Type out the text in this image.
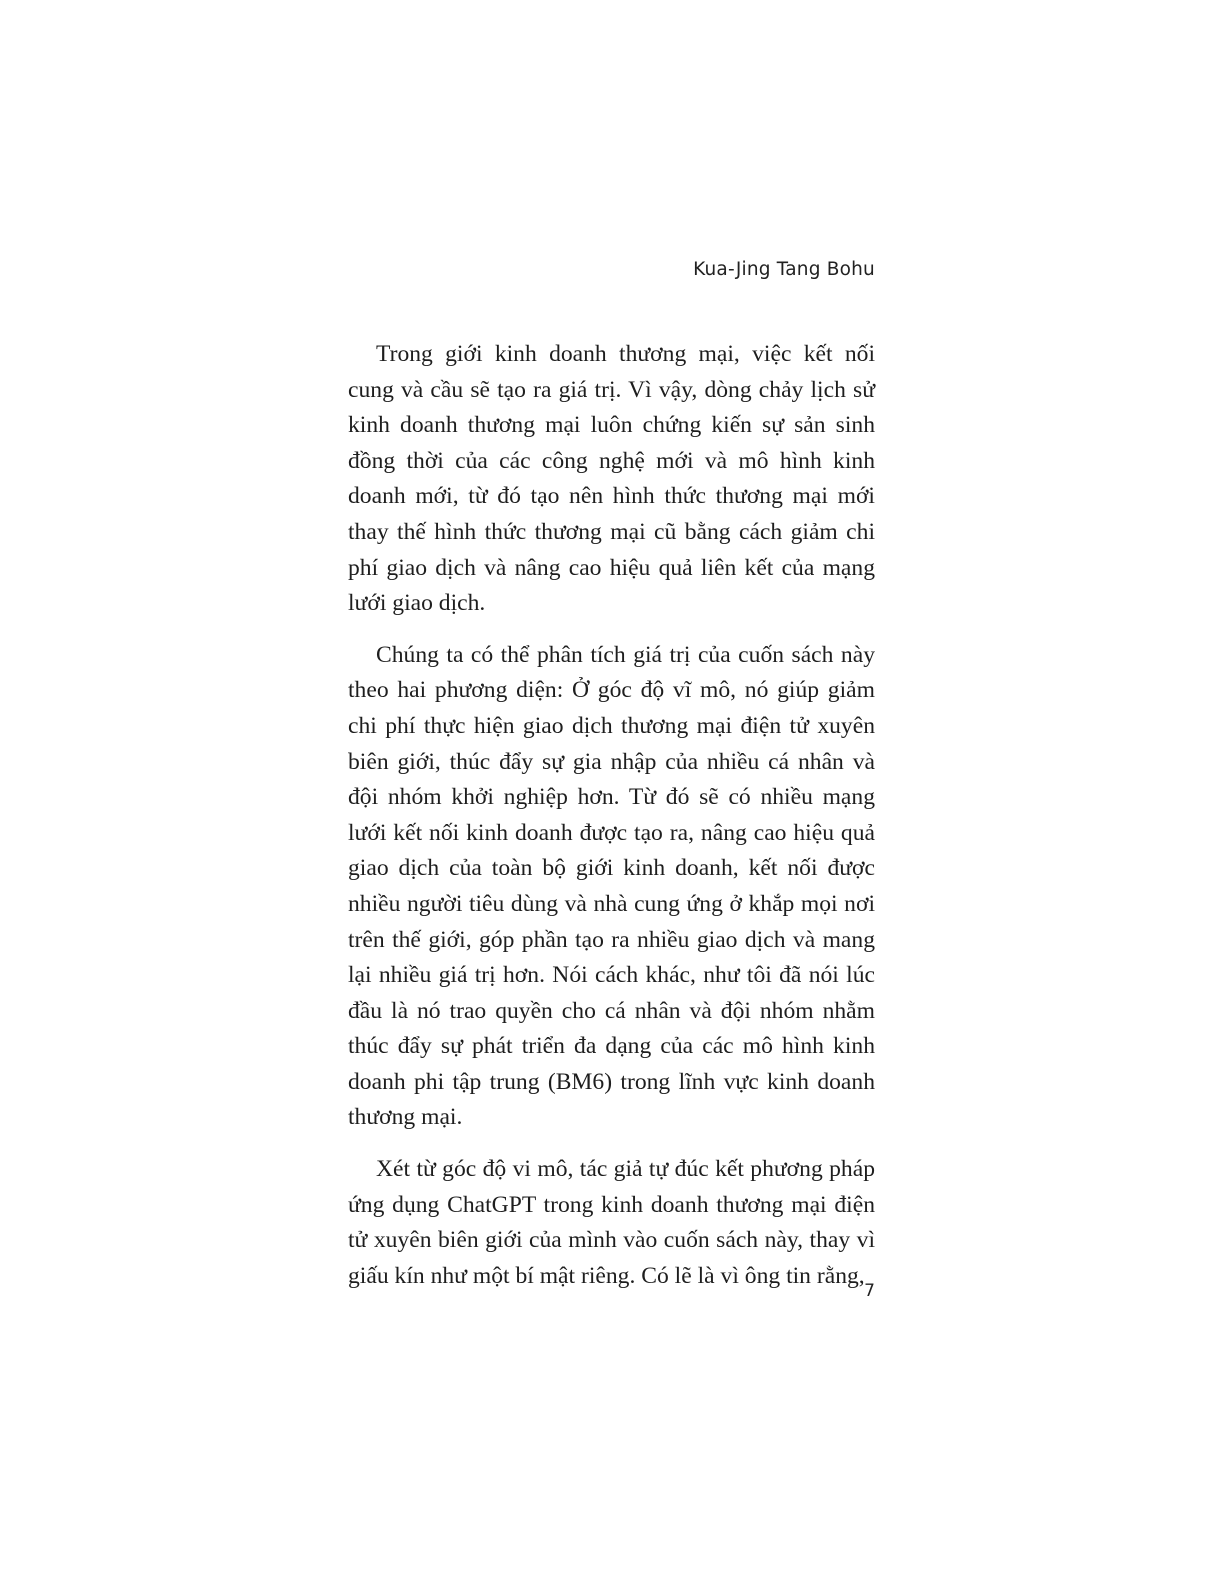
Kua-Jing Tang Bohu

Trong giới kinh doanh thương mại, việc kết nối cung và cầu sẽ tạo ra giá trị. Vì vậy, dòng chảy lịch sử kinh doanh thương mại luôn chứng kiến sự sản sinh đồng thời của các công nghệ mới và mô hình kinh doanh mới, từ đó tạo nên hình thức thương mại mới thay thế hình thức thương mại cũ bằng cách giảm chi phí giao dịch và nâng cao hiệu quả liên kết của mạng lưới giao dịch.

Chúng ta có thể phân tích giá trị của cuốn sách này theo hai phương diện: Ở góc độ vĩ mô, nó giúp giảm chi phí thực hiện giao dịch thương mại điện tử xuyên biên giới, thúc đẩy sự gia nhập của nhiều cá nhân và đội nhóm khởi nghiệp hơn. Từ đó sẽ có nhiều mạng lưới kết nối kinh doanh được tạo ra, nâng cao hiệu quả giao dịch của toàn bộ giới kinh doanh, kết nối được nhiều người tiêu dùng và nhà cung ứng ở khắp mọi nơi trên thế giới, góp phần tạo ra nhiều giao dịch và mang lại nhiều giá trị hơn. Nói cách khác, như tôi đã nói lúc đầu là nó trao quyền cho cá nhân và đội nhóm nhằm thúc đẩy sự phát triển đa dạng của các mô hình kinh doanh phi tập trung (BM6) trong lĩnh vực kinh doanh thương mại.

Xét từ góc độ vi mô, tác giả tự đúc kết phương pháp ứng dụng ChatGPT trong kinh doanh thương mại điện tử xuyên biên giới của mình vào cuốn sách này, thay vì giấu kín như một bí mật riêng. Có lẽ là vì ông tin rằng,

7
